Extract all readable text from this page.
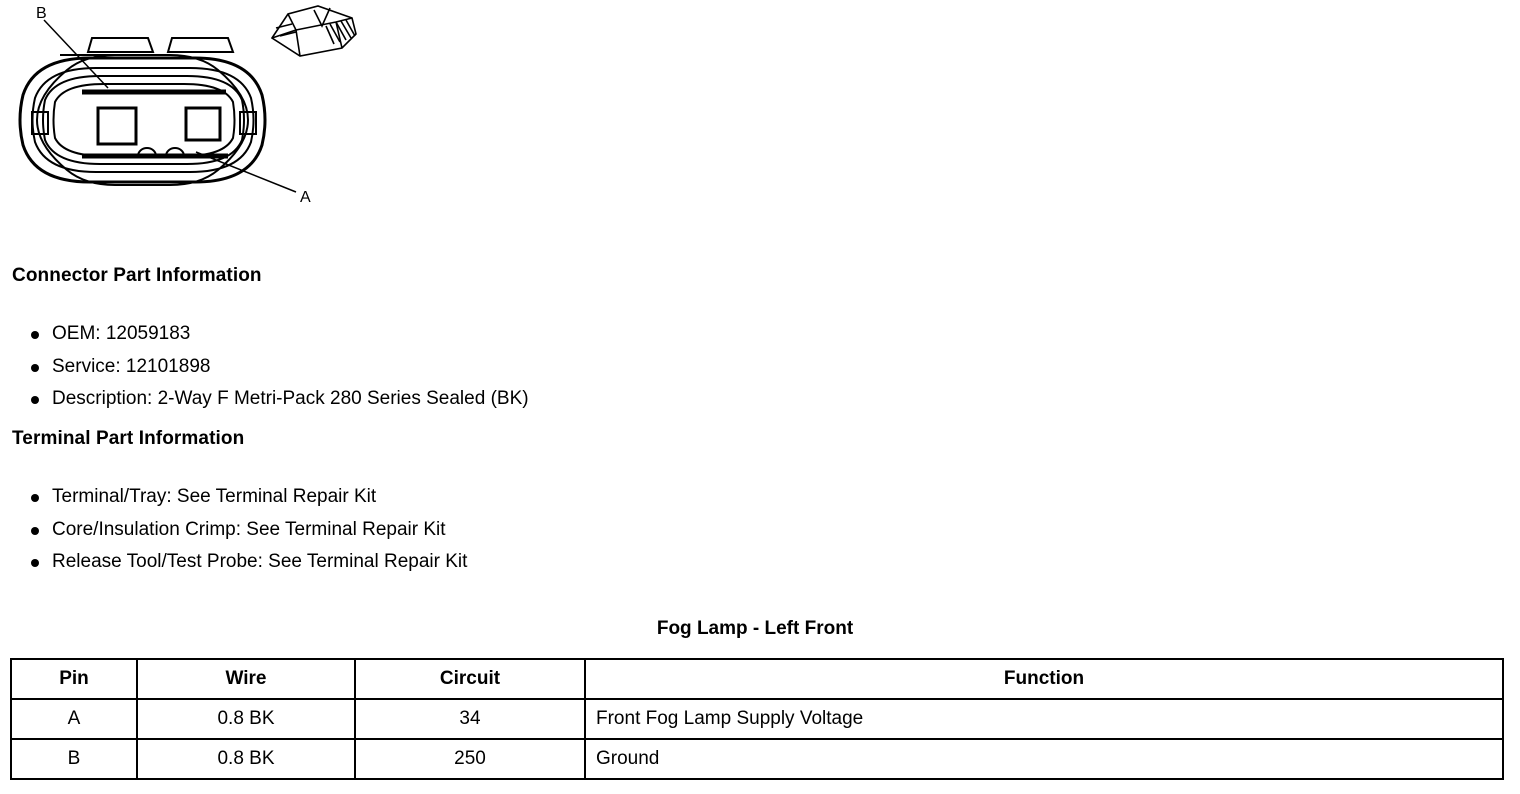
B
A
Connector Part Information
OEM: 12059183
Service: 12101898
Description: 2-Way F Metri-Pack 280 Series Sealed (BK)
Terminal Part Information
Terminal/Tray: See Terminal Repair Kit
Core/Insulation Crimp: See Terminal Repair Kit
Release Tool/Test Probe: See Terminal Repair Kit
Fog Lamp - Left Front
Pin	Wire	Circuit	Function
A	0.8 BK	34	Front Fog Lamp Supply Voltage
B	0.8 BK	250	Ground
